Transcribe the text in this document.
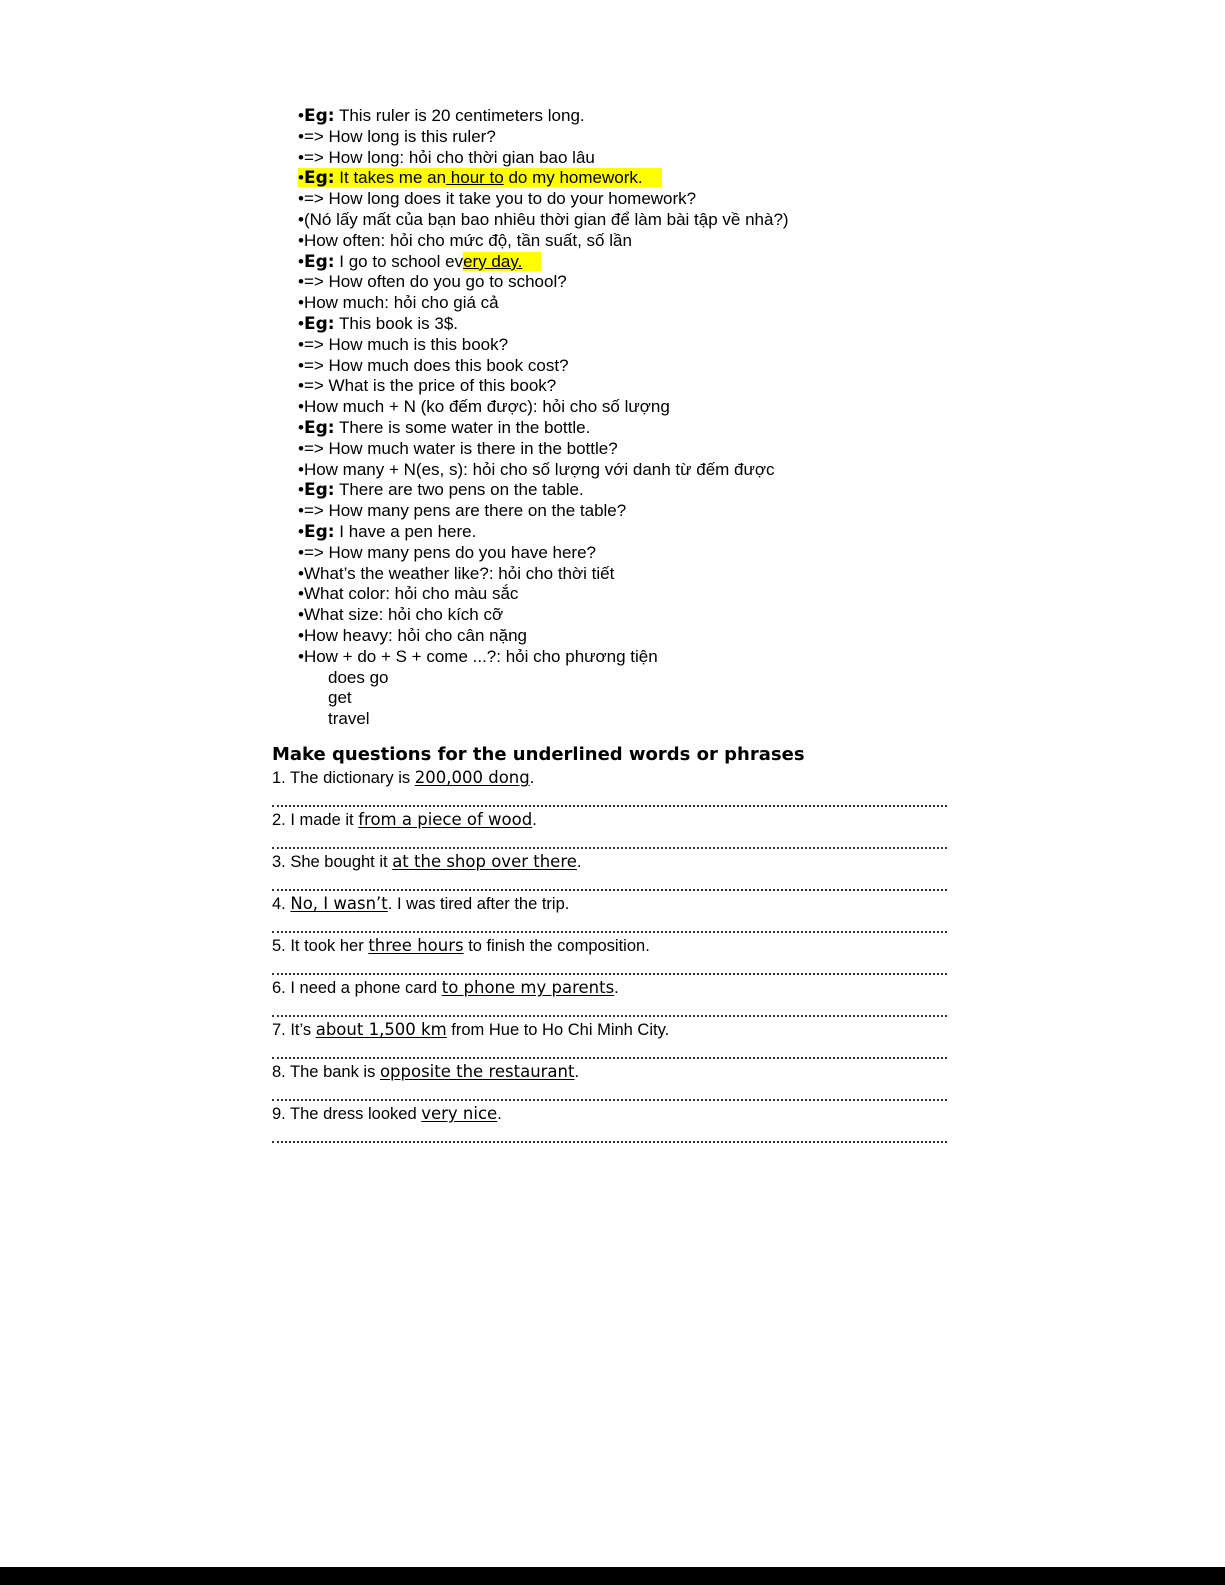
•Eg: This ruler is 20 centimeters long.
•=> How long is this ruler?
•=> How long: hỏi cho thời gian bao lâu
•Eg: It takes me an hour to do my homework.
•=> How long does it take you to do your homework?
•(Nó lấy mất của bạn bao nhiêu thời gian để làm bài tập về nhà?)
•How often: hỏi cho mức độ, tần suất, số lần
•Eg: I go to school every day.
•=> How often do you go to school?
•How much: hỏi cho giá cả
•Eg: This book is 3$.
•=> How much is this book?
•=> How much does this book cost?
•=> What is the price of this book?
•How much + N (ko đếm được): hỏi cho số lượng
•Eg: There is some water in the bottle.
•=> How much water is there in the bottle?
•How many + N(es, s): hỏi cho số lượng với danh từ đếm được
•Eg: There are two pens on the table.
•=> How many pens are there on the table?
•Eg: I have a pen here.
•=> How many pens do you have here?
•What’s the weather like?: hỏi cho thời tiết
•What color: hỏi cho màu sắc
•What size: hỏi cho kích cỡ
•How heavy: hỏi cho cân nặng
•How + do + S + come ...?: hỏi cho phương tiện
does go
get
travel
Make questions for the underlined words or phrases
1. The dictionary is 200,000 dong.
2. I made it from a piece of wood.
3. She bought it at the shop over there.
4. No, I wasn’t. I was tired after the trip.
5. It took her three hours to finish the composition.
6. I need a phone card to phone my parents.
7. It’s about 1,500 km from Hue to Ho Chi Minh City.
8. The bank is opposite the restaurant.
9. The dress looked very nice.
